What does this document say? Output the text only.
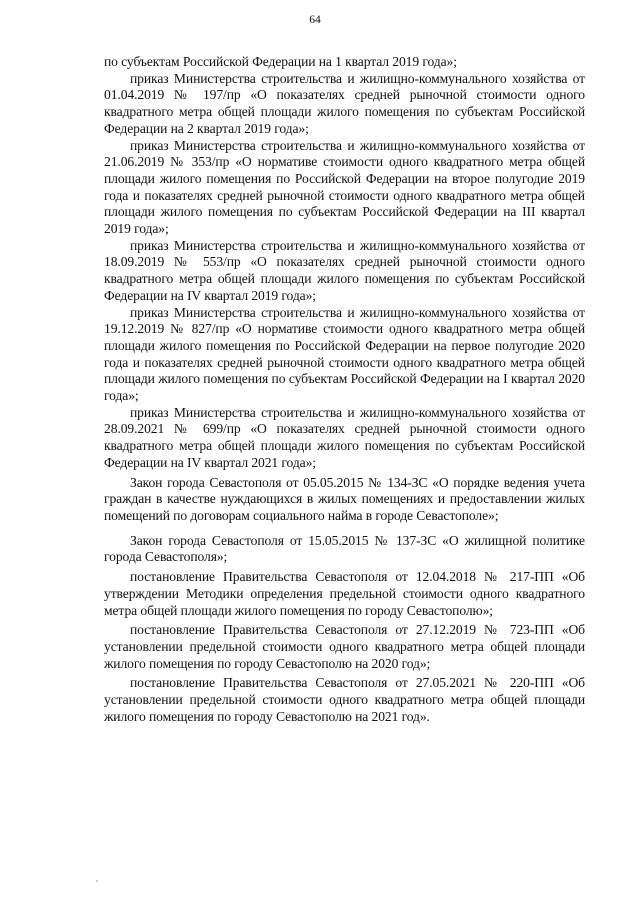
64

по субъектам Российской Федерации на 1 квартал 2019 года»;

приказ Министерства строительства и жилищно-коммунального хозяйства от 01.04.2019 № 197/пр «О показателях средней рыночной стоимости одного квадратного метра общей площади жилого помещения по субъектам Российской Федерации на 2 квартал 2019 года»;

приказ Министерства строительства и жилищно-коммунального хозяйства от 21.06.2019 № 353/пр «О нормативе стоимости одного квадратного метра общей площади жилого помещения по Российской Федерации на второе полугодие 2019 года и показателях средней рыночной стоимости одного квадратного метра общей площади жилого помещения по субъектам Российской Федерации на III квартал 2019 года»;

приказ Министерства строительства и жилищно-коммунального хозяйства от 18.09.2019 № 553/пр «О показателях средней рыночной стоимости одного квадратного метра общей площади жилого помещения по субъектам Российской Федерации на IV квартал 2019 года»;

приказ Министерства строительства и жилищно-коммунального хозяйства от 19.12.2019 № 827/пр «О нормативе стоимости одного квадратного метра общей площади жилого помещения по Российской Федерации на первое полугодие 2020 года и показателях средней рыночной стоимости одного квадратного метра общей площади жилого помещения по субъектам Российской Федерации на I квартал 2020 года»;

приказ Министерства строительства и жилищно-коммунального хозяйства от 28.09.2021 № 699/пр «О показателях средней рыночной стоимости одного квадратного метра общей площади жилого помещения по субъектам Российской Федерации на IV квартал 2021 года»;

Закон города Севастополя от 05.05.2015 № 134-ЗС «О порядке ведения учета граждан в качестве нуждающихся в жилых помещениях и предоставлении жилых помещений по договорам социального найма в городе Севастополе»;

Закон города Севастополя от 15.05.2015 № 137-ЗС «О жилищной политике города Севастополя»;

постановление Правительства Севастополя от 12.04.2018 № 217-ПП «Об утверждении Методики определения предельной стоимости одного квадратного метра общей площади жилого помещения по городу Севастополю»;

постановление Правительства Севастополя от 27.12.2019 № 723-ПП «Об установлении предельной стоимости одного квадратного метра общей площади жилого помещения по городу Севастополю на 2020 год»;

постановление Правительства Севастополя от 27.05.2021 № 220-ПП «Об установлении предельной стоимости одного квадратного метра общей площади жилого помещения по городу Севастополю на 2021 год».
